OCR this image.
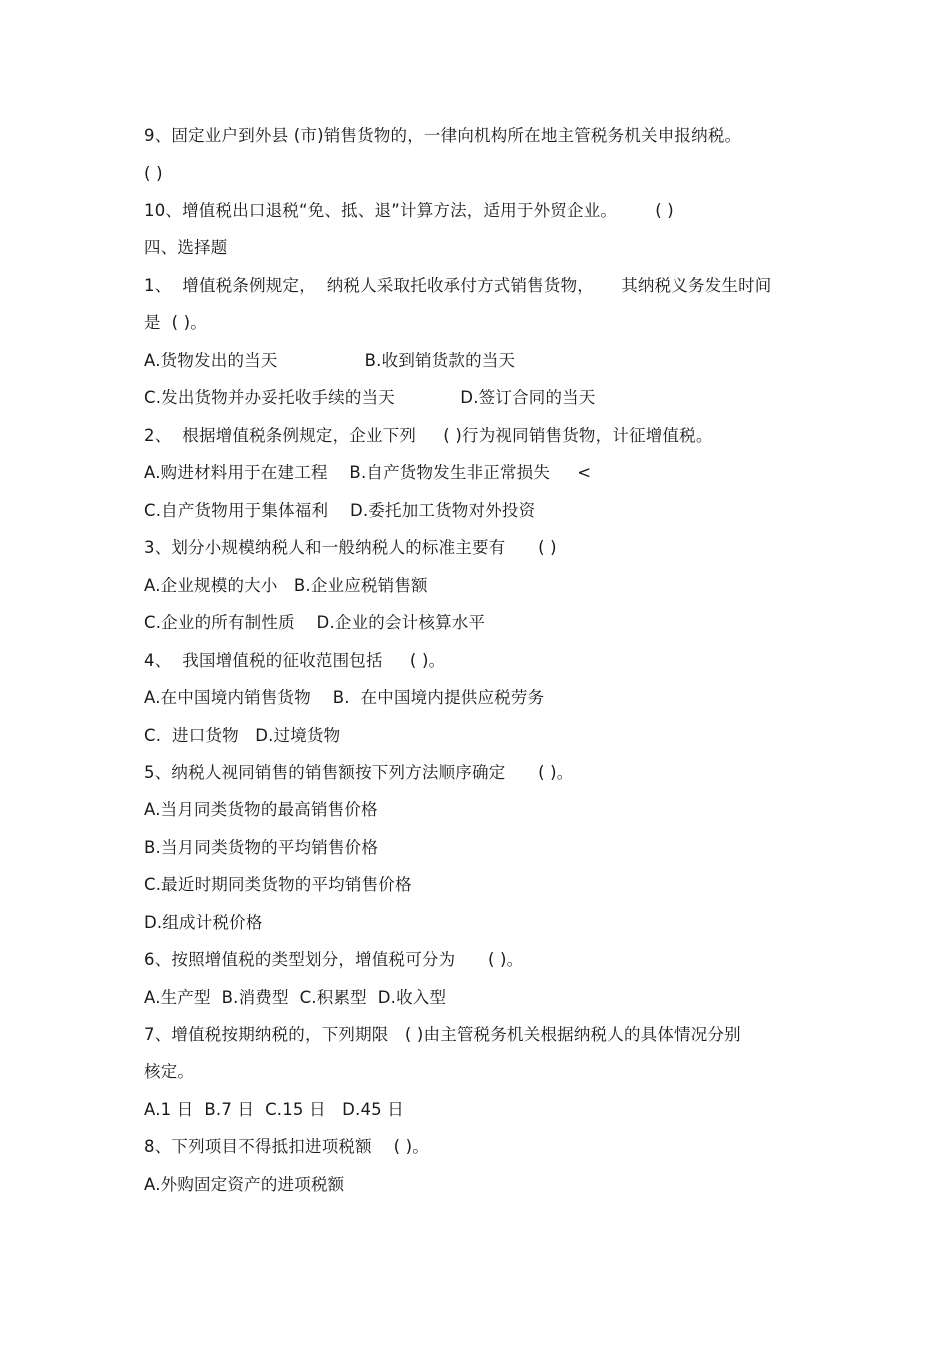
9、固定业户到外县 (市)销售货物的，一律向机构所在地主管税务机关申报纳税。
( )
10、增值税出口退税“免、抵、退”计算方法，适用于外贸企业。       ( )
四、选择题
1、  增值税条例规定，  纳税人采取托收承付方式销售货物，     其纳税义务发生时间
是  ( )。
A.货物发出的当天                B.收到销货款的当天
C.发出货物并办妥托收手续的当天            D.签订合同的当天
2、  根据增值税条例规定，企业下列     ( )行为视同销售货物，计征增值税。
A.购进材料用于在建工程    B.自产货物发生非正常损失     <
C.自产货物用于集体福利    D.委托加工货物对外投资
3、划分小规模纳税人和一般纳税人的标准主要有      ( )
A.企业规模的大小   B.企业应税销售额
C.企业的所有制性质    D.企业的会计核算水平
4、  我国增值税的征收范围包括     ( )。
A.在中国境内销售货物    B.  在中国境内提供应税劳务
C.  进口货物   D.过境货物
5、纳税人视同销售的销售额按下列方法顺序确定      ( )。
A.当月同类货物的最高销售价格
B.当月同类货物的平均销售价格
C.最近时期同类货物的平均销售价格
D.组成计税价格
6、按照增值税的类型划分，增值税可分为      ( )。
A.生产型  B.消费型  C.积累型  D.收入型
7、增值税按期纳税的，下列期限   ( )由主管税务机关根据纳税人的具体情况分别
核定。
A.1 日  B.7 日  C.15 日   D.45 日
8、下列项目不得抵扣进项税额    ( )。
A.外购固定资产的进项税额
